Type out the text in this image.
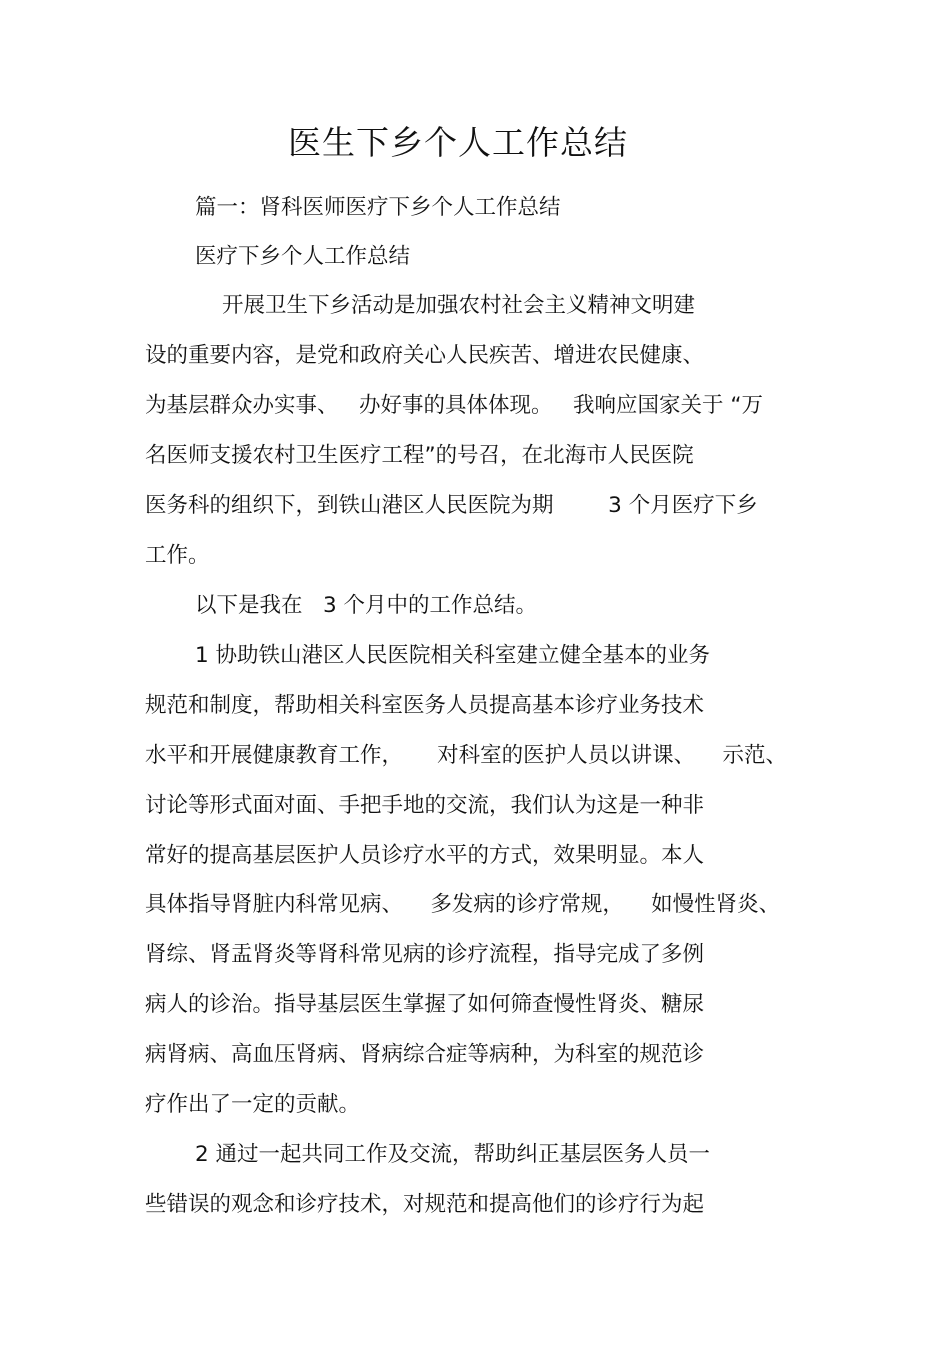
医生下乡个人工作总结
篇一：肾科医师医疗下乡个人工作总结
医疗下乡个人工作总结
开展卫生下乡活动是加强农村社会主义精神文明建
设的重要内容，是党和政府关心人民疾苦、增进农民健康、
为基层群众办实事、   办好事的具体体现。   我响应国家关于 “万
名医师支援农村卫生医疗工程”的号召，在北海市人民医院
医务科的组织下，到铁山港区人民医院为期        3 个月医疗下乡
工作。
以下是我在   3 个月中的工作总结。
1 协助铁山港区人民医院相关科室建立健全基本的业务
规范和制度，帮助相关科室医务人员提高基本诊疗业务技术
水平和开展健康教育工作，     对科室的医护人员以讲课、    示范、
讨论等形式面对面、手把手地的交流，我们认为这是一种非
常好的提高基层医护人员诊疗水平的方式，效果明显。本人
具体指导肾脏内科常见病、    多发病的诊疗常规，    如慢性肾炎、
肾综、肾盂肾炎等肾科常见病的诊疗流程，指导完成了多例
病人的诊治。指导基层医生掌握了如何筛查慢性肾炎、糖尿
病肾病、高血压肾病、肾病综合症等病种，为科室的规范诊
疗作出了一定的贡献。
2 通过一起共同工作及交流，帮助纠正基层医务人员一
些错误的观念和诊疗技术，对规范和提高他们的诊疗行为起
